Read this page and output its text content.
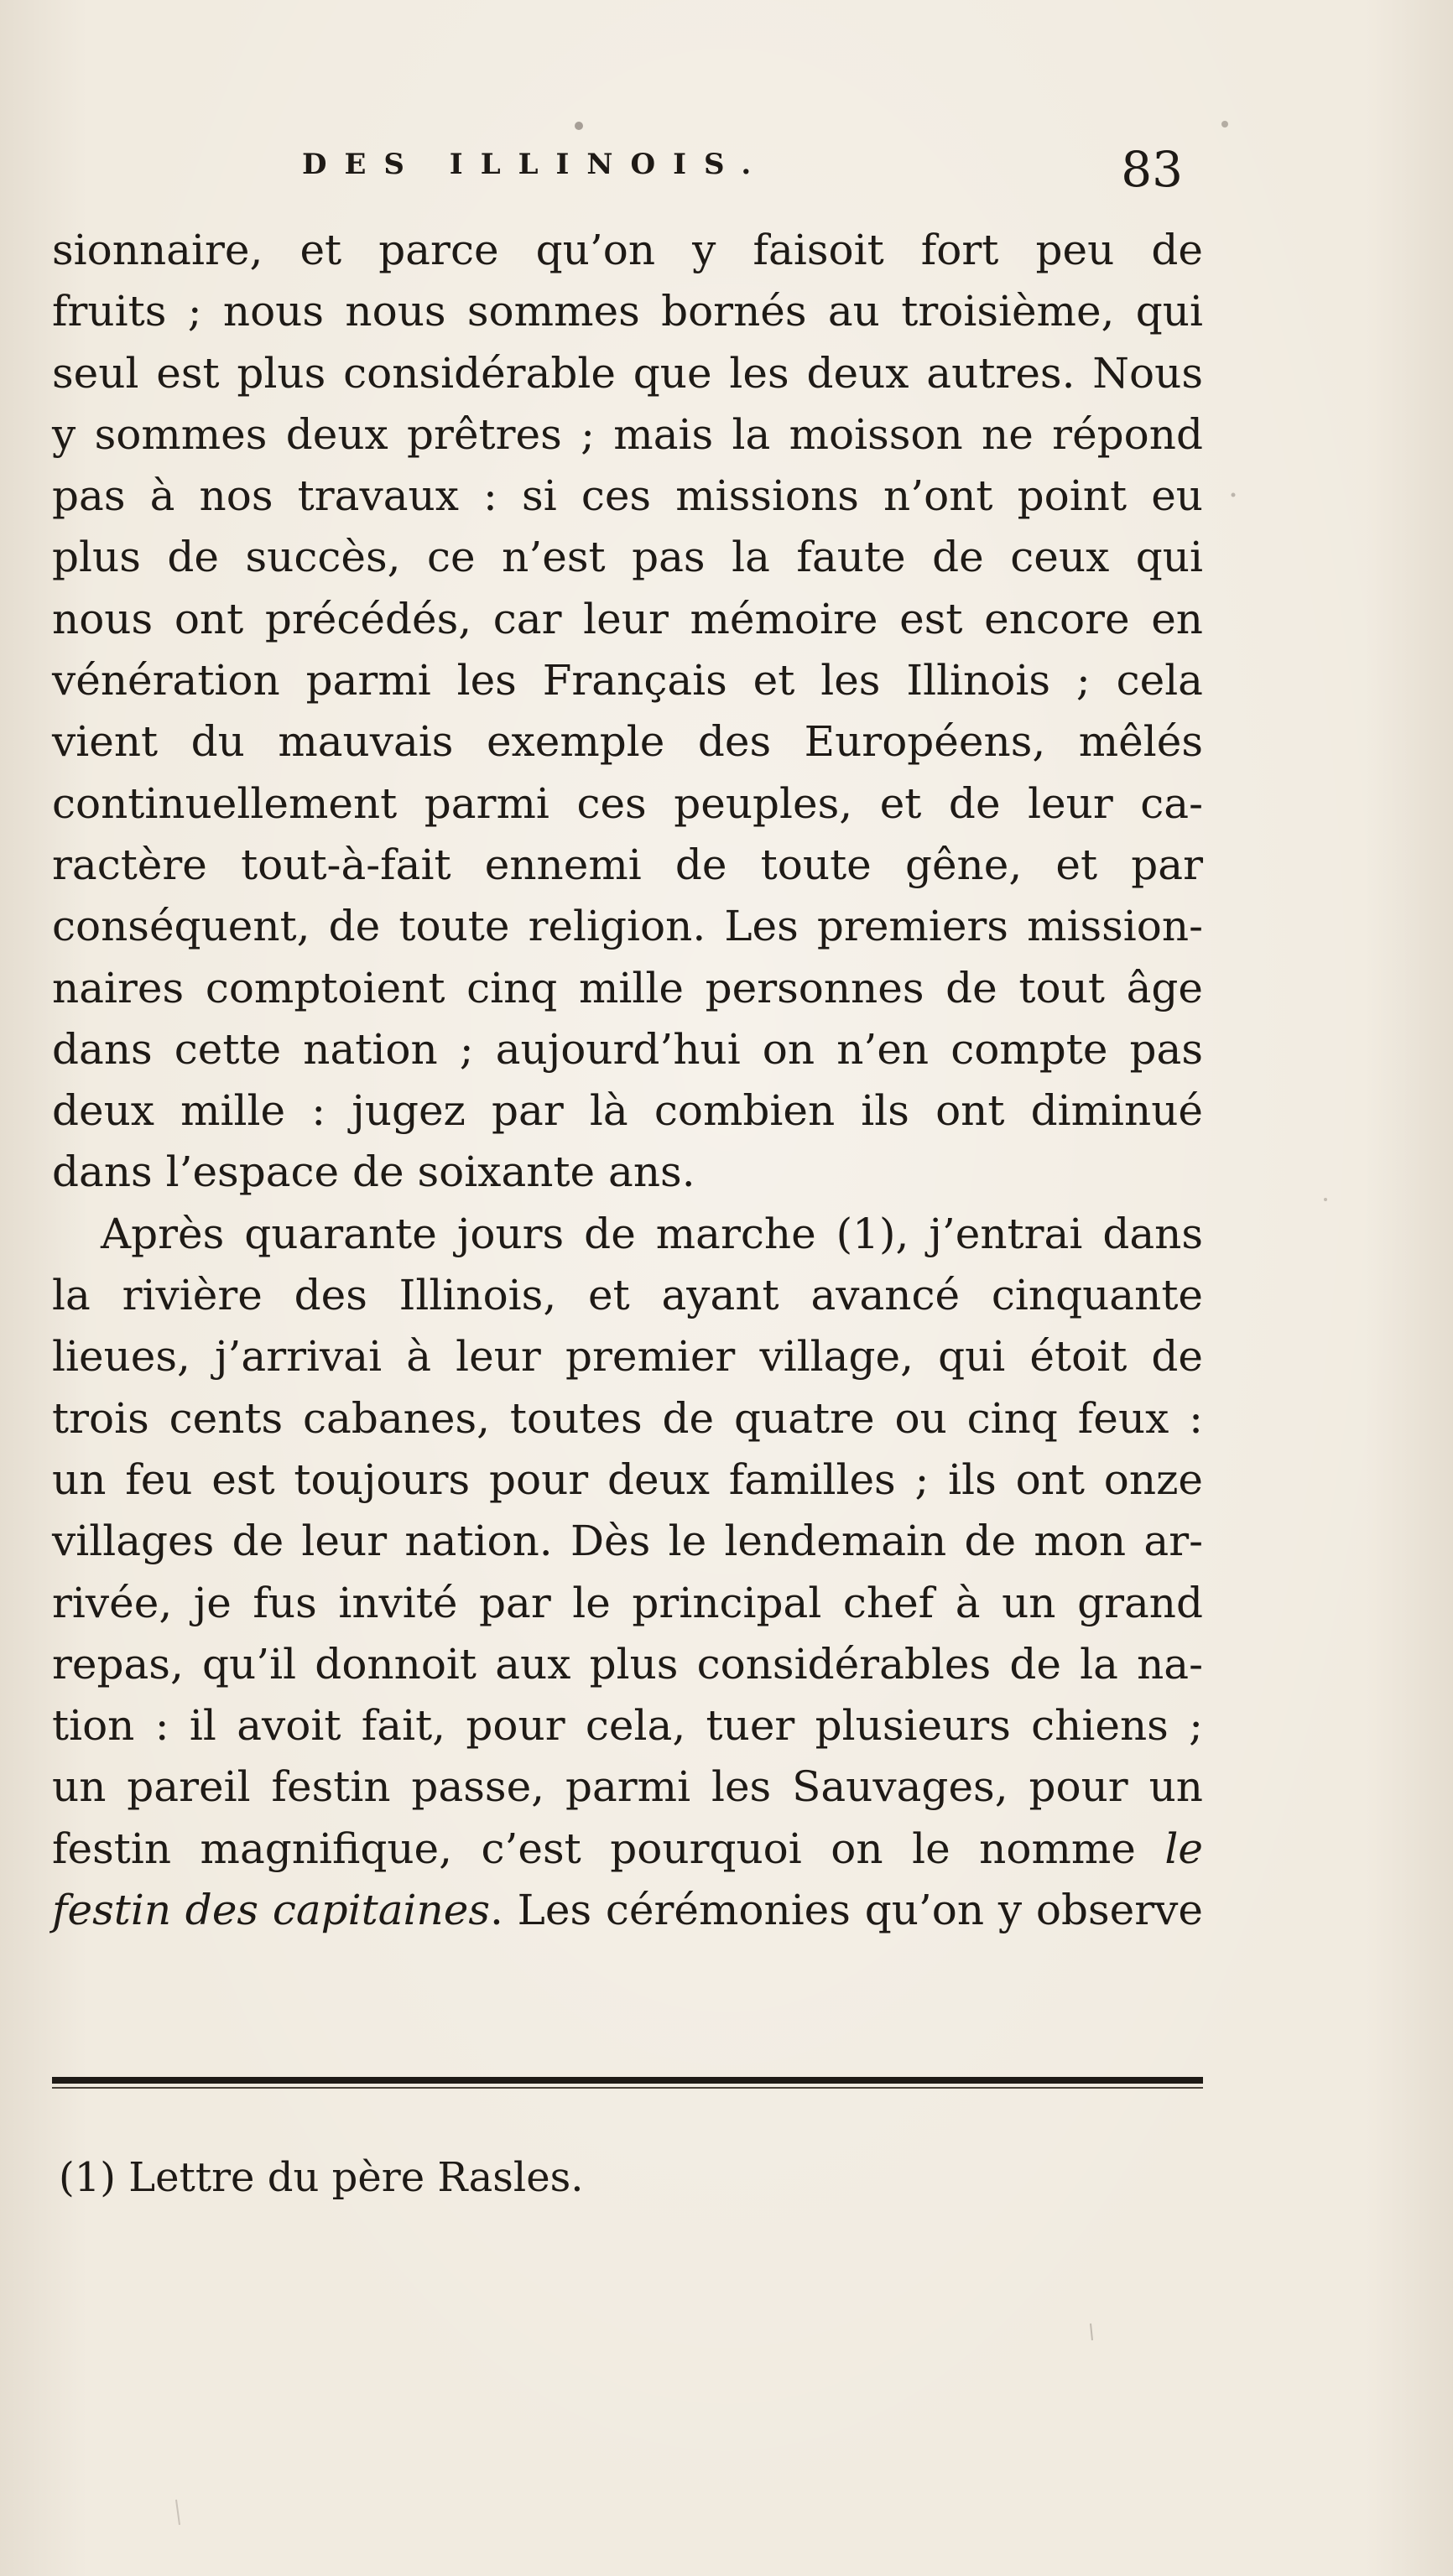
DES ILLINOIS.	83
sionnaire, et parce qu’on y faisoit fort peu de
fruits ; nous nous sommes bornés au troisième, qui
seul est plus considérable que les deux autres. Nous
y sommes deux prêtres ; mais la moisson ne répond
pas à nos travaux : si ces missions n’ont point eu
plus de succès, ce n’est pas la faute de ceux qui
nous ont précédés, car leur mémoire est encore en
vénération parmi les Français et les Illinois ; cela
vient du mauvais exemple des Européens, mêlés
continuellement parmi ces peuples, et de leur ca-
ractère tout-à-fait ennemi de toute gêne, et par
conséquent, de toute religion. Les premiers mission-
naires comptoient cinq mille personnes de tout âge
dans cette nation ; aujourd’hui on n’en compte pas
deux mille : jugez par là combien ils ont diminué
dans l’espace de soixante ans.
Après quarante jours de marche (1), j’entrai dans
la rivière des Illinois, et ayant avancé cinquante
lieues, j’arrivai à leur premier village, qui étoit de
trois cents cabanes, toutes de quatre ou cinq feux :
un feu est toujours pour deux familles ; ils ont onze
villages de leur nation. Dès le lendemain de mon ar-
rivée, je fus invité par le principal chef à un grand
repas, qu’il donnoit aux plus considérables de la na-
tion : il avoit fait, pour cela, tuer plusieurs chiens ;
un pareil festin passe, parmi les Sauvages, pour un
festin magnifique, c’est pourquoi on le nomme le
festin des capitaines. Les cérémonies qu’on y observe
(1) Lettre du père Rasles.
